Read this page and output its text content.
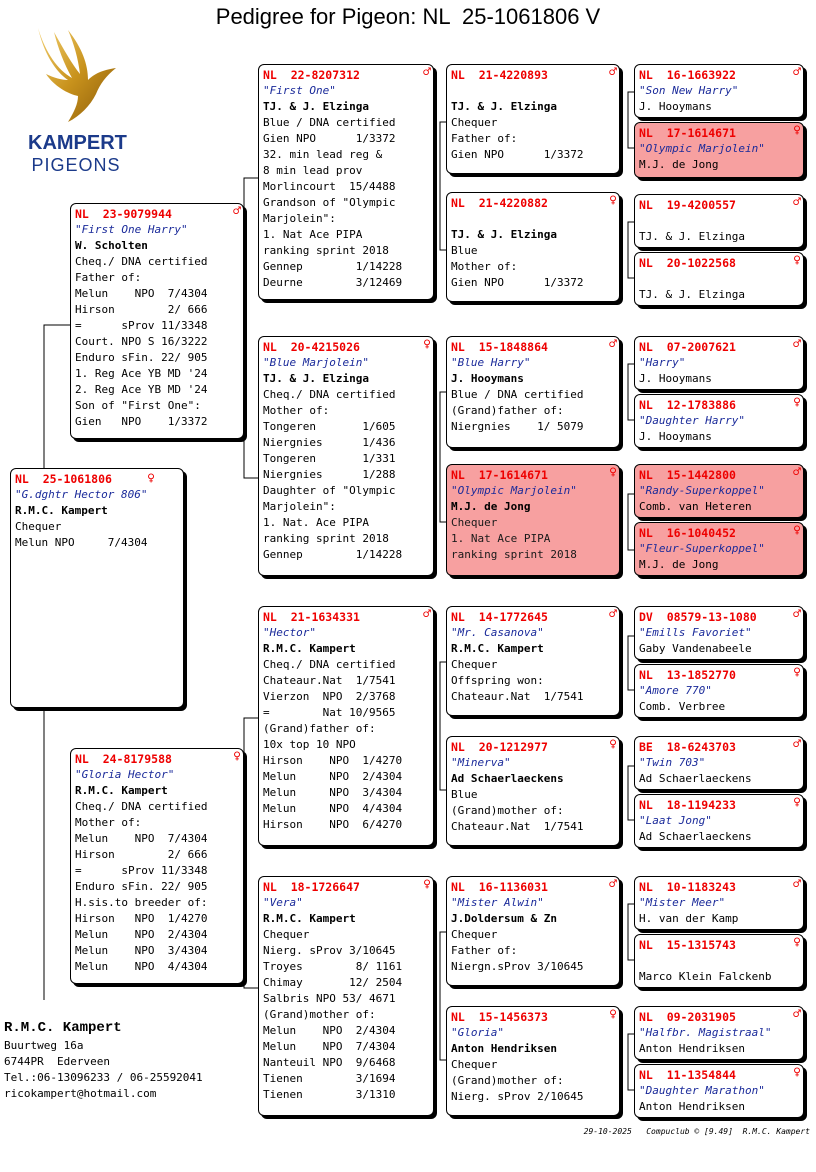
Pedigree for Pigeon: NL  25-1061806 V
KAMPERT
PIGEONS
NL  25-1061806	♀
"G.dghtr Hector 806"
R.M.C. Kampert
Chequer
Melun NPO     7/4304
NL  23-9079944	♂
"First One Harry"
W. Scholten
Cheq./ DNA certified
Father of:
Melun    NPO  7/4304
Hirson        2/ 666
=      sProv 11/3348
Court. NPO S 16/3222
Enduro sFin. 22/ 905
1. Reg Ace YB MD '24
2. Reg Ace YB MD '24
Son of "First One":
Gien   NPO    1/3372
NL  24-8179588	♀
"Gloria Hector"
R.M.C. Kampert
Cheq./ DNA certified
Mother of:
Melun    NPO  7/4304
Hirson        2/ 666
=      sProv 11/3348
Enduro sFin. 22/ 905
H.sis.to breeder of:
Hirson   NPO  1/4270
Melun    NPO  2/4304
Melun    NPO  3/4304
Melun    NPO  4/4304
NL  22-8207312	♂
"First One"
TJ. & J. Elzinga
Blue / DNA certified
Gien NPO      1/3372
32. min lead reg &
8 min lead prov
Morlincourt  15/4488
Grandson of "Olympic
Marjolein":
1. Nat Ace PIPA
ranking sprint 2018
Gennep        1/14228
Deurne        3/12469
NL  20-4215026	♀
"Blue Marjolein"
TJ. & J. Elzinga
Cheq./ DNA certified
Mother of:
Tongeren       1/605
Niergnies      1/436
Tongeren       1/331
Niergnies      1/288
Daughter of "Olympic
Marjolein":
1. Nat. Ace PIPA
ranking sprint 2018
Gennep        1/14228
NL  21-1634331	♂
"Hector"
R.M.C. Kampert
Cheq./ DNA certified
Chateaur.Nat  1/7541
Vierzon  NPO  2/3768
=        Nat 10/9565
(Grand)father of:
10x top 10 NPO
Hirson    NPO  1/4270
Melun     NPO  2/4304
Melun     NPO  3/4304
Melun     NPO  4/4304
Hirson    NPO  6/4270
NL  18-1726647	♀
"Vera"
R.M.C. Kampert
Chequer
Nierg. sProv 3/10645
Troyes        8/ 1161
Chimay       12/ 2504
Salbris NPO 53/ 4671
(Grand)mother of:
Melun    NPO  2/4304
Melun    NPO  7/4304
Nanteuil NPO  9/6468
Tienen        3/1694
Tienen        3/1310
NL  21-4220893	♂
TJ. & J. Elzinga
Chequer
Father of:
Gien NPO      1/3372
NL  21-4220882	♀
TJ. & J. Elzinga
Blue
Mother of:
Gien NPO      1/3372
NL  15-1848864	♂
"Blue Harry"
J. Hooymans
Blue / DNA certified
(Grand)father of:
Niergnies    1/ 5079
NL  17-1614671	♀
"Olympic Marjolein"
M.J. de Jong
Chequer
1. Nat Ace PIPA
ranking sprint 2018
NL  14-1772645	♂
"Mr. Casanova"
R.M.C. Kampert
Chequer
Offspring won:
Chateaur.Nat  1/7541
NL  20-1212977	♀
"Minerva"
Ad Schaerlaeckens
Blue
(Grand)mother of:
Chateaur.Nat  1/7541
NL  16-1136031	♂
"Mister Alwin"
J.Doldersum & Zn
Chequer
Father of:
Niergn.sProv 3/10645
NL  15-1456373	♀
"Gloria"
Anton Hendriksen
Chequer
(Grand)mother of:
Nierg. sProv 2/10645
NL  16-1663922	♂
"Son New Harry"
J. Hooymans
NL  17-1614671	♀
"Olympic Marjolein"
M.J. de Jong
NL  19-4200557	♂
TJ. & J. Elzinga
NL  20-1022568	♀
TJ. & J. Elzinga
NL  07-2007621	♂
"Harry"
J. Hooymans
NL  12-1783886	♀
"Daughter Harry"
J. Hooymans
NL  15-1442800	♂
"Randy-Superkoppel"
Comb. van Heteren
NL  16-1040452	♀
"Fleur-Superkoppel"
M.J. de Jong
DV  08579-13-1080	♂
"Emills Favoriet"
Gaby Vandenabeele
NL  13-1852770	♀
"Amore 770"
Comb. Verbree
BE  18-6243703	♂
"Twin 703"
Ad Schaerlaeckens
NL  18-1194233	♀
"Laat Jong"
Ad Schaerlaeckens
NL  10-1183243	♂
"Mister Meer"
H. van der Kamp
NL  15-1315743	♀
Marco Klein Falckenb
NL  09-2031905	♂
"Halfbr. Magistraal"
Anton Hendriksen
NL  11-1354844	♀
"Daughter Marathon"
Anton Hendriksen
R.M.C. Kampert
Buurtweg 16a
6744PR  Ederveen
Tel.:06-13096233 / 06-25592041
ricokampert@hotmail.com
29-10-2025   Compuclub © [9.49]  R.M.C. Kampert
